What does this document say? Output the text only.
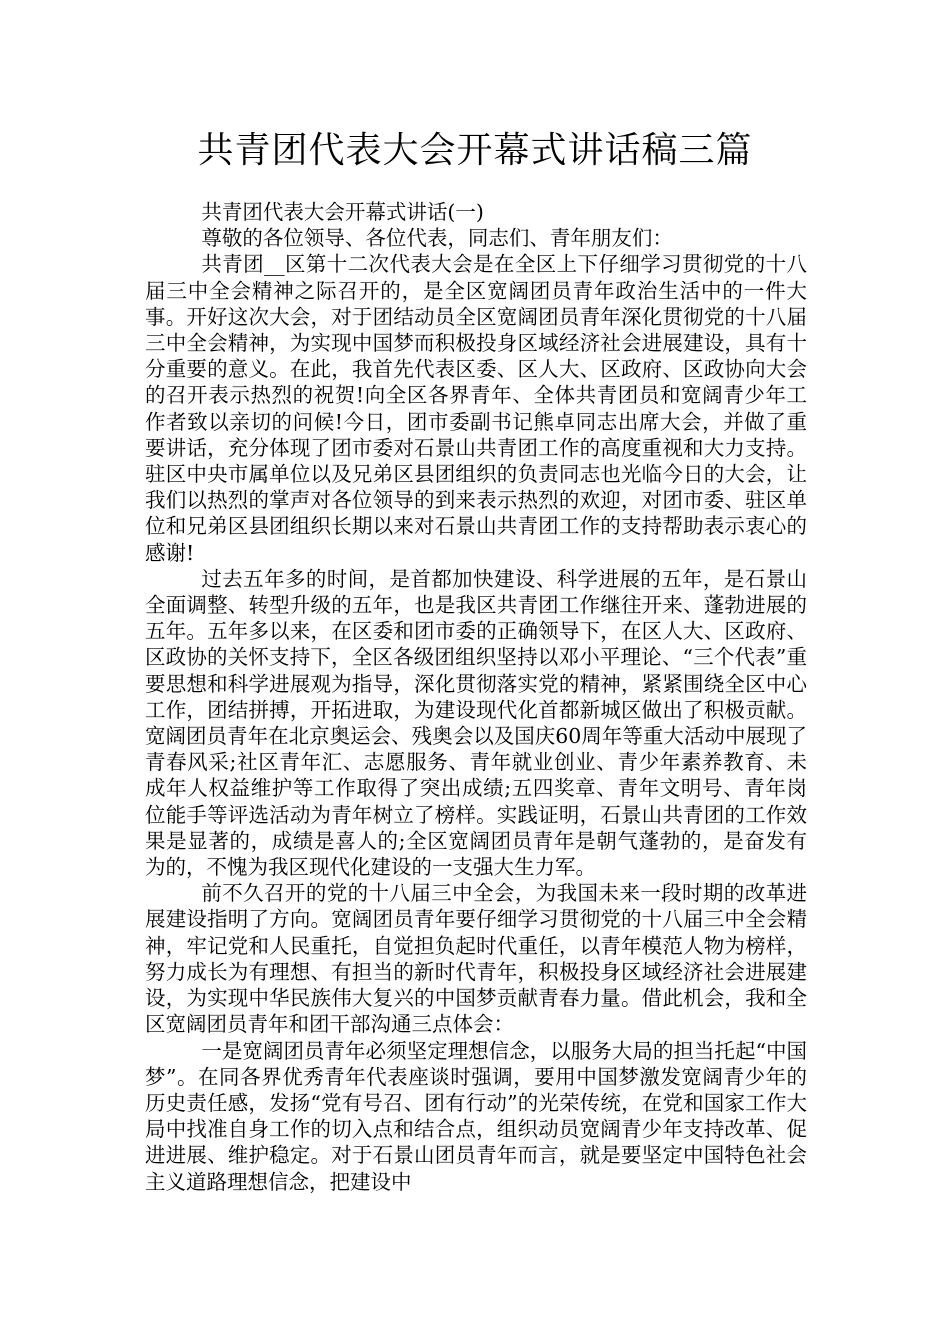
共青团代表大会开幕式讲话稿三篇

共青团代表大会开幕式讲话(一)

尊敬的各位领导、各位代表，同志们、青年朋友们：

共青团__区第十二次代表大会是在全区上下仔细学习贯彻党的十八届三中全会精神之际召开的，是全区宽阔团员青年政治生活中的一件大事。开好这次大会，对于团结动员全区宽阔团员青年深化贯彻党的十八届三中全会精神，为实现中国梦而积极投身区域经济社会进展建设，具有十分重要的意义。在此，我首先代表区委、区人大、区政府、区政协向大会的召开表示热烈的祝贺!向全区各界青年、全体共青团员和宽阔青少年工作者致以亲切的问候!今日，团市委副书记熊卓同志出席大会，并做了重要讲话，充分体现了团市委对石景山共青团工作的高度重视和大力支持。驻区中央市属单位以及兄弟区县团组织的负责同志也光临今日的大会，让我们以热烈的掌声对各位领导的到来表示热烈的欢迎，对团市委、驻区单位和兄弟区县团组织长期以来对石景山共青团工作的支持帮助表示衷心的感谢!

过去五年多的时间，是首都加快建设、科学进展的五年，是石景山全面调整、转型升级的五年，也是我区共青团工作继往开来、蓬勃进展的五年。五年多以来，在区委和团市委的正确领导下，在区人大、区政府、区政协的关怀支持下，全区各级团组织坚持以邓小平理论、“三个代表”重要思想和科学进展观为指导，深化贯彻落实党的精神，紧紧围绕全区中心工作，团结拼搏，开拓进取，为建设现代化首都新城区做出了积极贡献。宽阔团员青年在北京奥运会、残奥会以及国庆60周年等重大活动中展现了青春风采;社区青年汇、志愿服务、青年就业创业、青少年素养教育、未成年人权益维护等工作取得了突出成绩;五四奖章、青年文明号、青年岗位能手等评选活动为青年树立了榜样。实践证明，石景山共青团的工作效果是显著的，成绩是喜人的;全区宽阔团员青年是朝气蓬勃的，是奋发有为的，不愧为我区现代化建设的一支强大生力军。

前不久召开的党的十八届三中全会，为我国未来一段时期的改革进展建设指明了方向。宽阔团员青年要仔细学习贯彻党的十八届三中全会精神，牢记党和人民重托，自觉担负起时代重任，以青年模范人物为榜样，努力成长为有理想、有担当的新时代青年，积极投身区域经济社会进展建设，为实现中华民族伟大复兴的中国梦贡献青春力量。借此机会，我和全区宽阔团员青年和团干部沟通三点体会：

一是宽阔团员青年必须坚定理想信念，以服务大局的担当托起“中国梦”。在同各界优秀青年代表座谈时强调，要用中国梦激发宽阔青少年的历史责任感，发扬“党有号召、团有行动”的光荣传统，在党和国家工作大局中找准自身工作的切入点和结合点，组织动员宽阔青少年支持改革、促进进展、维护稳定。对于石景山团员青年而言，就是要坚定中国特色社会主义道路理想信念，把建设中
